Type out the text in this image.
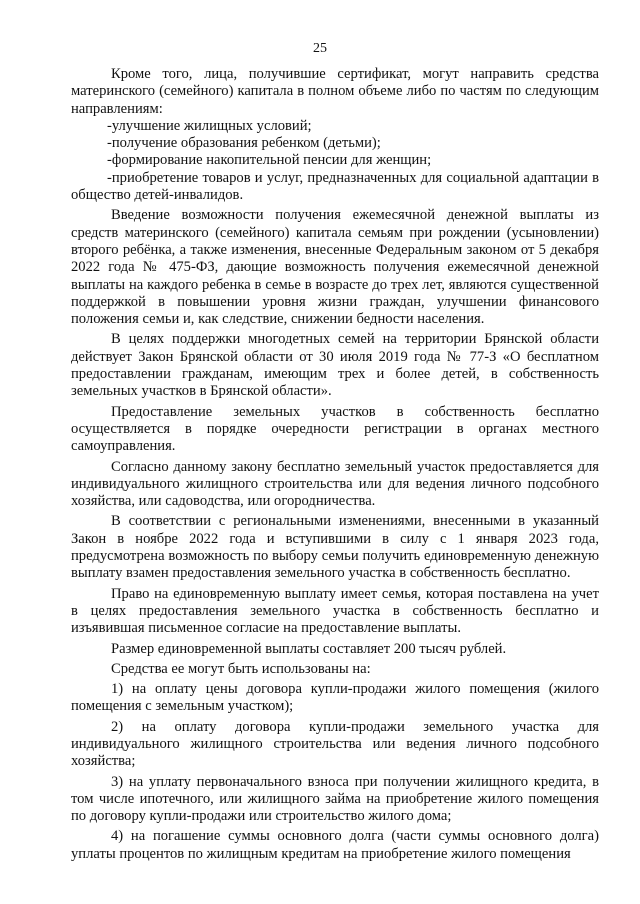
25

Кроме того, лица, получившие сертификат, могут направить средства материнского (семейного) капитала в полном объеме либо по частям по следующим направлениям:

-улучшение жилищных условий;

-получение образования ребенком (детьми);

-формирование накопительной пенсии для женщин;

-приобретение товаров и услуг, предназначенных для социальной адаптации в общество детей-инвалидов.

Введение возможности получения ежемесячной денежной выплаты из средств материнского (семейного) капитала семьям при рождении (усыновлении) второго ребёнка, а также изменения, внесенные Федеральным законом от 5 декабря 2022 года № 475-ФЗ, дающие возможность получения ежемесячной денежной выплаты на каждого ребенка в семье в возрасте до трех лет, являются существенной поддержкой в повышении уровня жизни граждан, улучшении финансового положения семьи и, как следствие, снижении бедности населения.

В целях поддержки многодетных семей на территории Брянской области действует Закон Брянской области от 30 июля 2019 года № 77-З «О бесплатном предоставлении гражданам, имеющим трех и более детей, в собственность земельных участков в Брянской области».

Предоставление земельных участков в собственность бесплатно осуществляется в порядке очередности регистрации в органах местного самоуправления.

Согласно данному закону бесплатно земельный участок предоставляется для индивидуального жилищного строительства или для ведения личного подсобного хозяйства, или садоводства, или огородничества.

В соответствии с региональными изменениями, внесенными в указанный Закон в ноябре 2022 года и вступившими в силу с 1 января 2023 года, предусмотрена возможность по выбору семьи получить единовременную денежную выплату взамен предоставления земельного участка в собственность бесплатно.

Право на единовременную выплату имеет семья, которая поставлена на учет в целях предоставления земельного участка в собственность бесплатно и изъявившая письменное согласие на предоставление выплаты.

Размер единовременной выплаты составляет 200 тысяч рублей.

Средства ее могут быть использованы на:

1) на оплату цены договора купли-продажи жилого помещения (жилого помещения с земельным участком);

2) на оплату договора купли-продажи земельного участка для индивидуального жилищного строительства или ведения личного подсобного хозяйства;

3) на уплату первоначального взноса при получении жилищного кредита, в том числе ипотечного, или жилищного займа на приобретение жилого помещения по договору купли-продажи или строительство жилого дома;

4) на погашение суммы основного долга (части суммы основного долга) уплаты процентов по жилищным кредитам на приобретение жилого помещения
